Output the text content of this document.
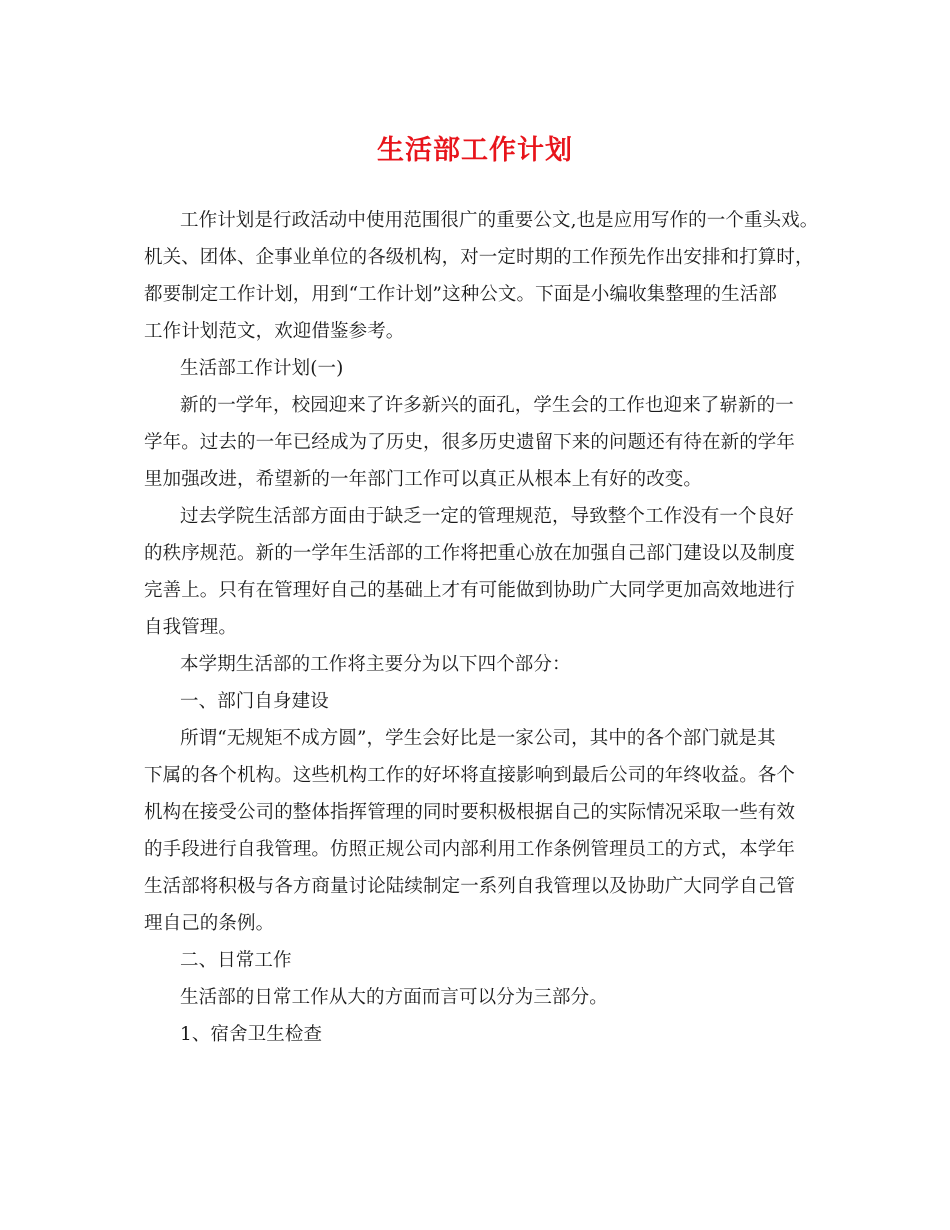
生活部工作计划
工作计划是行政活动中使用范围很广的重要公文,也是应用写作的一个重头戏。
机关、团体、企事业单位的各级机构，对一定时期的工作预先作出安排和打算时，
都要制定工作计划，用到“工作计划”这种公文。下面是小编收集整理的生活部
工作计划范文，欢迎借鉴参考。
生活部工作计划(一)
新的一学年，校园迎来了许多新兴的面孔，学生会的工作也迎来了崭新的一
学年。过去的一年已经成为了历史，很多历史遗留下来的问题还有待在新的学年
里加强改进，希望新的一年部门工作可以真正从根本上有好的改变。
过去学院生活部方面由于缺乏一定的管理规范，导致整个工作没有一个良好
的秩序规范。新的一学年生活部的工作将把重心放在加强自己部门建设以及制度
完善上。只有在管理好自己的基础上才有可能做到协助广大同学更加高效地进行
自我管理。
本学期生活部的工作将主要分为以下四个部分：
一、部门自身建设
所谓“无规矩不成方圆”，学生会好比是一家公司，其中的各个部门就是其
下属的各个机构。这些机构工作的好坏将直接影响到最后公司的年终收益。各个
机构在接受公司的整体指挥管理的同时要积极根据自己的实际情况采取一些有效
的手段进行自我管理。仿照正规公司内部利用工作条例管理员工的方式，本学年
生活部将积极与各方商量讨论陆续制定一系列自我管理以及协助广大同学自己管
理自己的条例。
二、日常工作
生活部的日常工作从大的方面而言可以分为三部分。
1、宿舍卫生检查
